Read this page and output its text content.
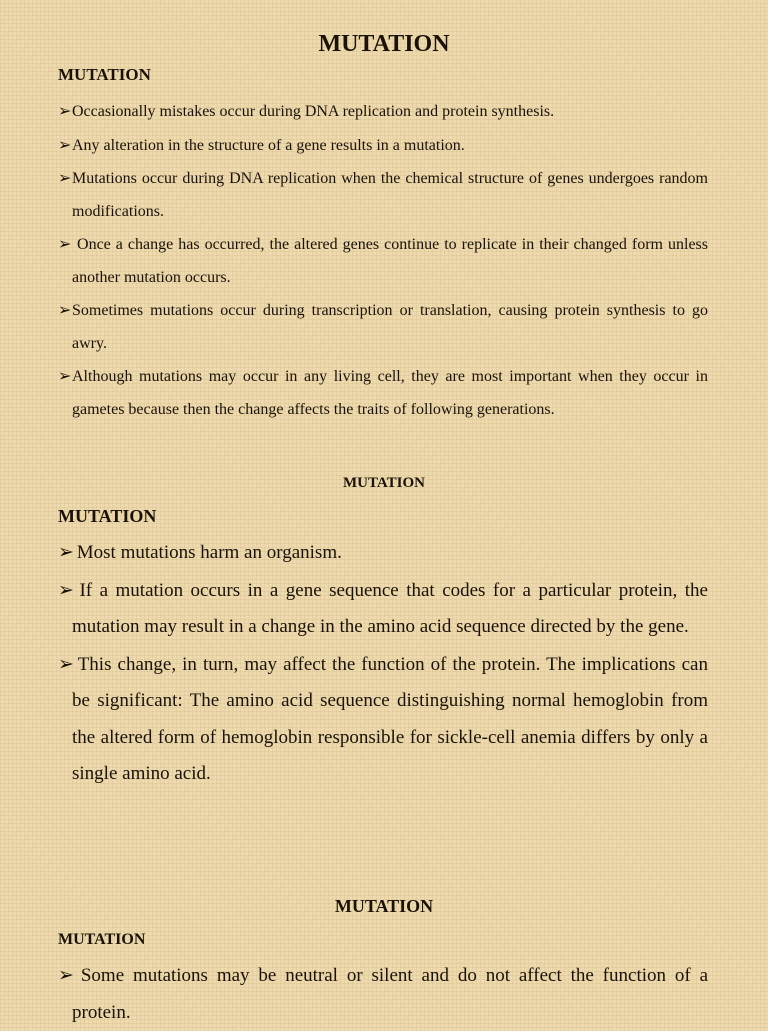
MUTATION
MUTATION
➢Occasionally mistakes occur during DNA replication and protein synthesis.
➢Any alteration in the structure of a gene results in a mutation.
➢Mutations occur during DNA replication when the chemical structure of genes undergoes random modifications.
➢ Once a change has occurred, the altered genes continue to replicate in their changed form unless another mutation occurs.
➢Sometimes mutations occur during transcription or translation, causing protein synthesis to go awry.
➢Although mutations may occur in any living cell, they are most important when they occur in gametes because then the change affects the traits of following generations.
MUTATION
MUTATION
➢ Most mutations harm an organism.
➢ If a mutation occurs in a gene sequence that codes for a particular protein, the mutation may result in a change in the amino acid sequence directed by the gene.
➢ This change, in turn, may affect the function of the protein. The implications can be significant: The amino acid sequence distinguishing normal hemoglobin from the altered form of hemoglobin responsible for sickle-cell anemia differs by only a single amino acid.
MUTATION
MUTATION
➢ Some mutations may be neutral or silent and do not affect the function of a protein.
